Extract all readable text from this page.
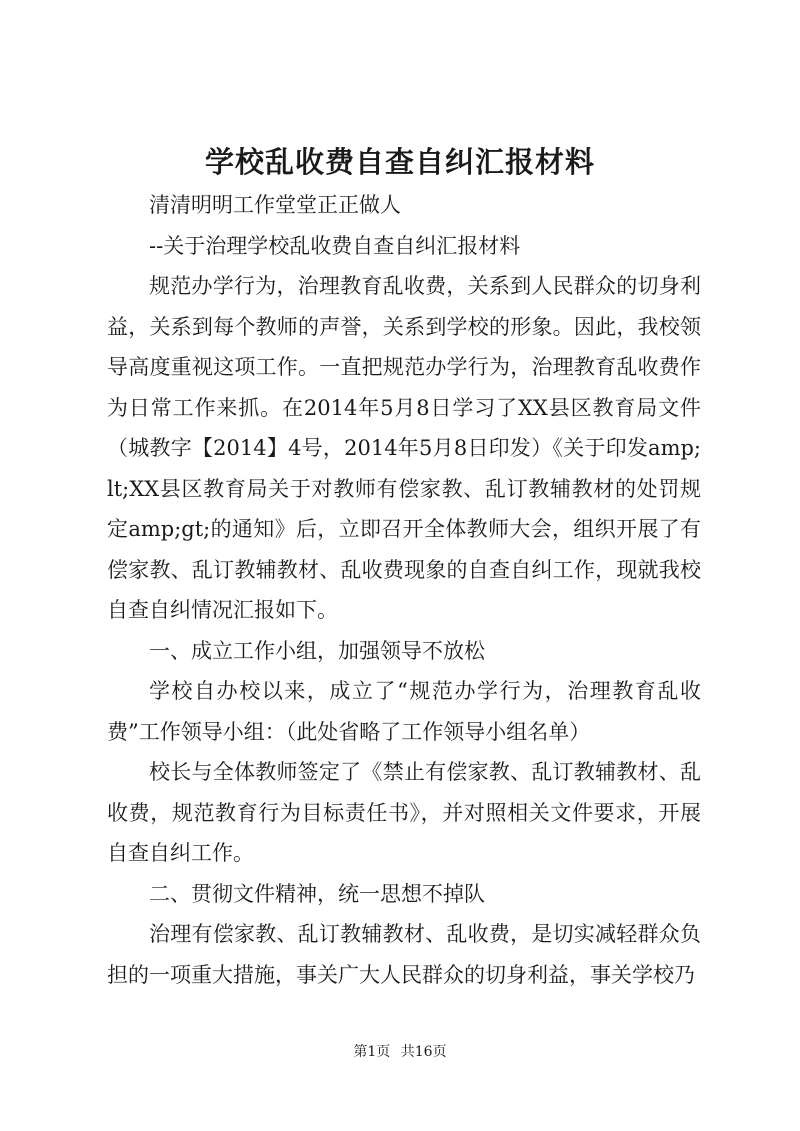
学校乱收费自查自纠汇报材料

清清明明工作堂堂正正做人

--关于治理学校乱收费自查自纠汇报材料

规范办学行为，治理教育乱收费，关系到人民群众的切身利益，关系到每个教师的声誉，关系到学校的形象。因此，我校领导高度重视这项工作。一直把规范办学行为，治理教育乱收费作为日常工作来抓。在2014年5月8日学习了XX县区教育局文件（城教字【2014】4号，2014年5月8日印发）《关于印发amp;lt;XX县区教育局关于对教师有偿家教、乱订教辅教材的处罚规定amp;gt;的通知》后，立即召开全体教师大会，组织开展了有偿家教、乱订教辅教材、乱收费现象的自查自纠工作，现就我校自查自纠情况汇报如下。

一、成立工作小组，加强领导不放松

学校自办校以来，成立了“规范办学行为，治理教育乱收费”工作领导小组：（此处省略了工作领导小组名单）

校长与全体教师签定了《禁止有偿家教、乱订教辅教材、乱收费，规范教育行为目标责任书》，并对照相关文件要求，开展自查自纠工作。

二、贯彻文件精神，统一思想不掉队

治理有偿家教、乱订教辅教材、乱收费，是切实减轻群众负担的一项重大措施，事关广大人民群众的切身利益，事关学校乃

第1页 共16页
